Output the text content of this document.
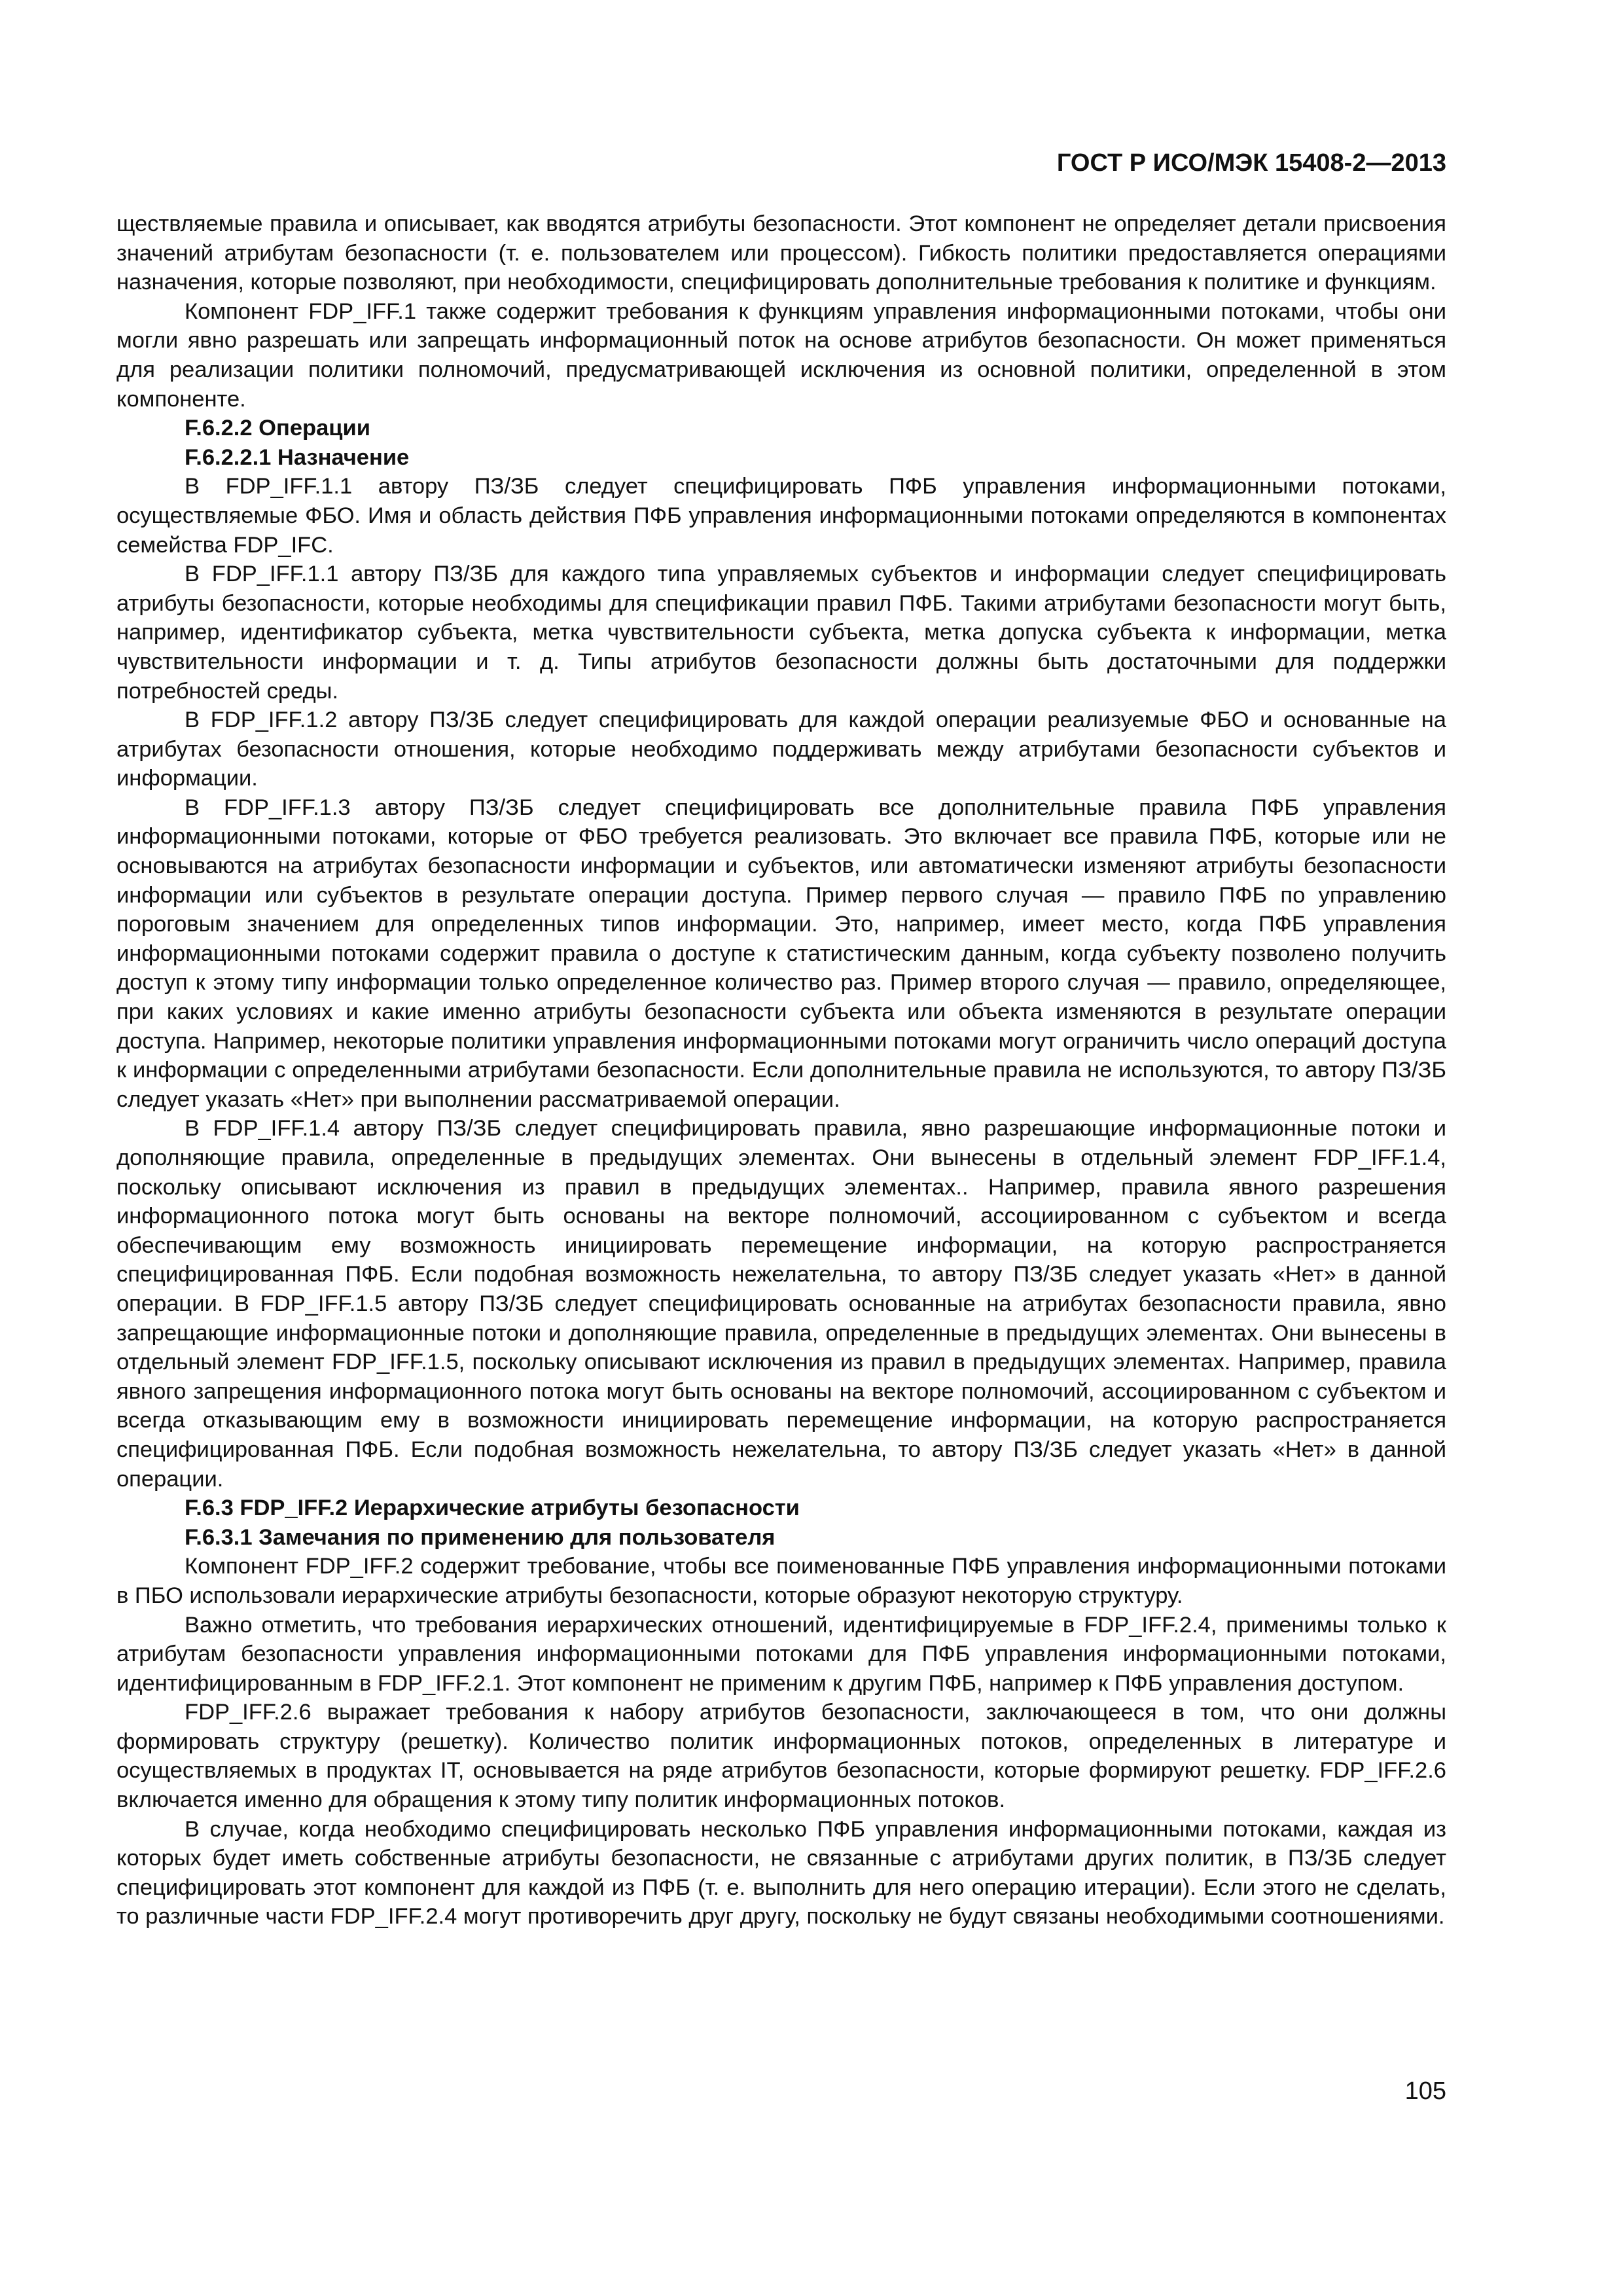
ГОСТ Р ИСО/МЭК 15408-2—2013

ществляемые правила и описывает, как вводятся атрибуты безопасности. Этот компонент не определяет детали присвоения значений атрибутам безопасности (т. е. пользователем или процессом). Гибкость политики предоставляется операциями назначения, которые позволяют, при необходимости, специфицировать дополнительные требования к политике и функциям.

Компонент FDP_IFF.1 также содержит требования к функциям управления информационными потоками, чтобы они могли явно разрешать или запрещать информационный поток на основе атрибутов безопасности. Он может применяться для реализации политики полномочий, предусматривающей исключения из основной политики, определенной в этом компоненте.

F.6.2.2 Операции
F.6.2.2.1 Назначение

В FDP_IFF.1.1 автору ПЗ/ЗБ следует специфицировать ПФБ управления информационными потоками, осуществляемые ФБО. Имя и область действия ПФБ управления информационными потоками определяются в компонентах семейства FDP_IFC.

В FDP_IFF.1.1 автору ПЗ/ЗБ для каждого типа управляемых субъектов и информации следует специфицировать атрибуты безопасности, которые необходимы для спецификации правил ПФБ. Такими атрибутами безопасности могут быть, например, идентификатор субъекта, метка чувствительности субъекта, метка допуска субъекта к информации, метка чувствительности информации и т. д. Типы атрибутов безопасности должны быть достаточными для поддержки потребностей среды.

В FDP_IFF.1.2 автору ПЗ/ЗБ следует специфицировать для каждой операции реализуемые ФБО и основанные на атрибутах безопасности отношения, которые необходимо поддерживать между атрибутами безопасности субъектов и информации.

В FDP_IFF.1.3 автору ПЗ/ЗБ следует специфицировать все дополнительные правила ПФБ управления информационными потоками, которые от ФБО требуется реализовать. Это включает все правила ПФБ, которые или не основываются на атрибутах безопасности информации и субъектов, или автоматически изменяют атрибуты безопасности информации или субъектов в результате операции доступа. Пример первого случая — правило ПФБ по управлению пороговым значением для определенных типов информации. Это, например, имеет место, когда ПФБ управления информационными потоками содержит правила о доступе к статистическим данным, когда субъекту позволено получить доступ к этому типу информации только определенное количество раз. Пример второго случая — правило, определяющее, при каких условиях и какие именно атрибуты безопасности субъекта или объекта изменяются в результате операции доступа. Например, некоторые политики управления информационными потоками могут ограничить число операций доступа к информации с определенными атрибутами безопасности. Если дополнительные правила не используются, то автору ПЗ/ЗБ следует указать «Нет» при выполнении рассматриваемой операции.

В FDP_IFF.1.4 автору ПЗ/ЗБ следует специфицировать правила, явно разрешающие информационные потоки и дополняющие правила, определенные в предыдущих элементах. Они вынесены в отдельный элемент FDP_IFF.1.4, поскольку описывают исключения из правил в предыдущих элементах.. Например, правила явного разрешения информационного потока могут быть основаны на векторе полномочий, ассоциированном с субъектом и всегда обеспечивающим ему возможность инициировать перемещение информации, на которую распространяется специфицированная ПФБ. Если подобная возможность нежелательна, то автору ПЗ/ЗБ следует указать «Нет» в данной операции. В FDP_IFF.1.5 автору ПЗ/ЗБ следует специфицировать основанные на атрибутах безопасности правила, явно запрещающие информационные потоки и дополняющие правила, определенные в предыдущих элементах. Они вынесены в отдельный элемент FDP_IFF.1.5, поскольку описывают исключения из правил в предыдущих элементах. Например, правила явного запрещения информационного потока могут быть основаны на векторе полномочий, ассоциированном с субъектом и всегда отказывающим ему в возможности инициировать перемещение информации, на которую распространяется специфицированная ПФБ. Если подобная возможность нежелательна, то автору ПЗ/ЗБ следует указать «Нет» в данной операции.

F.6.3 FDP_IFF.2 Иерархические атрибуты безопасности
F.6.3.1 Замечания по применению для пользователя

Компонент FDP_IFF.2 содержит требование, чтобы все поименованные ПФБ управления информационными потоками в ПБО использовали иерархические атрибуты безопасности, которые образуют некоторую структуру.

Важно отметить, что требования иерархических отношений, идентифицируемые в FDP_IFF.2.4, применимы только к атрибутам безопасности управления информационными потоками для ПФБ управления информационными потоками, идентифицированным в FDP_IFF.2.1. Этот компонент не применим к другим ПФБ, например к ПФБ управления доступом.

FDP_IFF.2.6 выражает требования к набору атрибутов безопасности, заключающееся в том, что они должны формировать структуру (решетку). Количество политик информационных потоков, определенных в литературе и осуществляемых в продуктах IT, основывается на ряде атрибутов безопасности, которые формируют решетку. FDP_IFF.2.6 включается именно для обращения к этому типу политик информационных потоков.

В случае, когда необходимо специфицировать несколько ПФБ управления информационными потоками, каждая из которых будет иметь собственные атрибуты безопасности, не связанные с атрибутами других политик, в ПЗ/ЗБ следует специфицировать этот компонент для каждой из ПФБ (т. е. выполнить для него операцию итерации). Если этого не сделать, то различные части FDP_IFF.2.4 могут противоречить друг другу, поскольку не будут связаны необходимыми соотношениями.

105
